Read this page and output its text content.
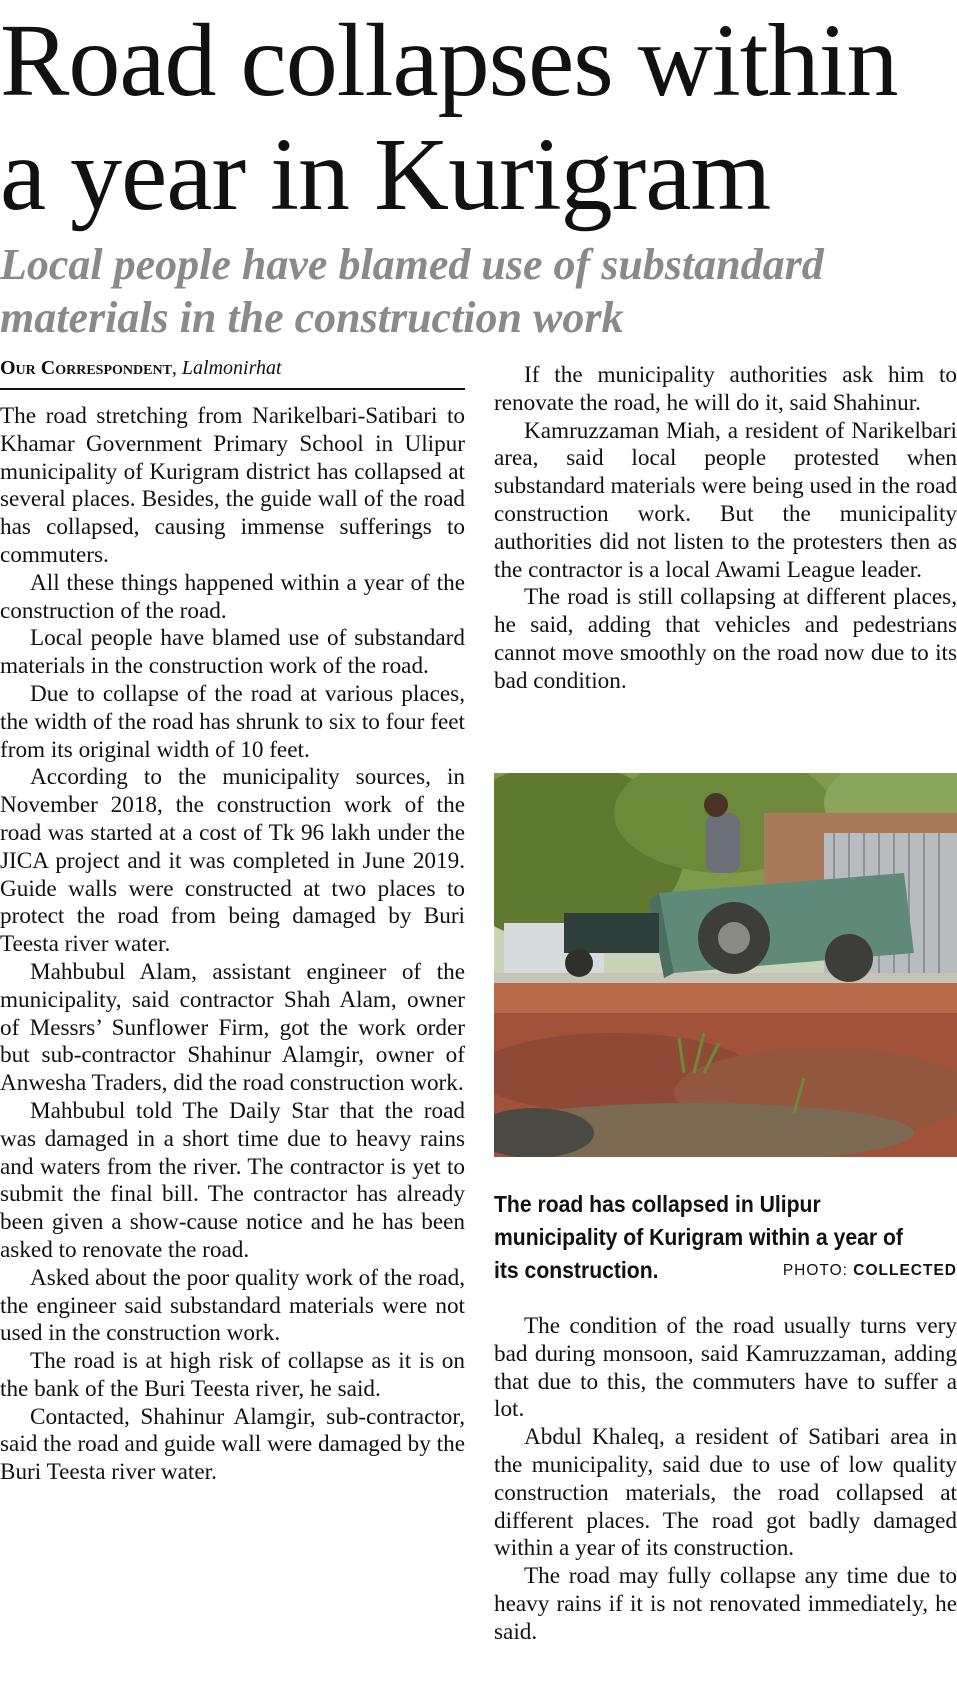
Road collapses within
a year in Kurigram
Local people have blamed use of substandard
materials in the construction work
Our Correspondent, Lalmonirhat

The road stretching from Narikelbari-Satibari to Khamar Government Primary School in Ulipur municipality of Kurigram district has collapsed at several places. Besides, the guide wall of the road has collapsed, causing immense sufferings to commuters.

All these things happened within a year of the construction of the road.

Local people have blamed use of substandard materials in the construction work of the road.

Due to collapse of the road at various places, the width of the road has shrunk to six to four feet from its original width of 10 feet.

According to the municipality sources, in November 2018, the construction work of the road was started at a cost of Tk 96 lakh under the JICA project and it was completed in June 2019. Guide walls were constructed at two places to protect the road from being damaged by Buri Teesta river water.

Mahbubul Alam, assistant engineer of the municipality, said contractor Shah Alam, owner of Messrs’ Sunflower Firm, got the work order but sub-contractor Shahinur Alamgir, owner of Anwesha Traders, did the road construction work.

Mahbubul told The Daily Star that the road was damaged in a short time due to heavy rains and waters from the river. The contractor is yet to submit the final bill. The contractor has already been given a show-cause notice and he has been asked to renovate the road.

Asked about the poor quality work of the road, the engineer said substandard materials were not used in the construction work.

The road is at high risk of collapse as it is on the bank of the Buri Teesta river, he said.

Contacted, Shahinur Alamgir, sub-contractor, said the road and guide wall were damaged by the Buri Teesta river water.

If the municipality authorities ask him to renovate the road, he will do it, said Shahinur.

Kamruzzaman Miah, a resident of Narikelbari area, said local people protested when substandard materials were being used in the road construction work. But the municipality authorities did not listen to the protesters then as the contractor is a local Awami League leader.

The road is still collapsing at different places, he said, adding that vehicles and pedestrians cannot move smoothly on the road now due to its bad condition.

The road has collapsed in Ulipur municipality of Kurigram within a year of its construction.	PHOTO: COLLECTED

The condition of the road usually turns very bad during monsoon, said Kamruzzaman, adding that due to this, the commuters have to suffer a lot.

Abdul Khaleq, a resident of Satibari area in the municipality, said due to use of low quality construction materials, the road collapsed at different places. The road got badly damaged within a year of its construction.

The road may fully collapse any time due to heavy rains if it is not renovated immediately, he said.
